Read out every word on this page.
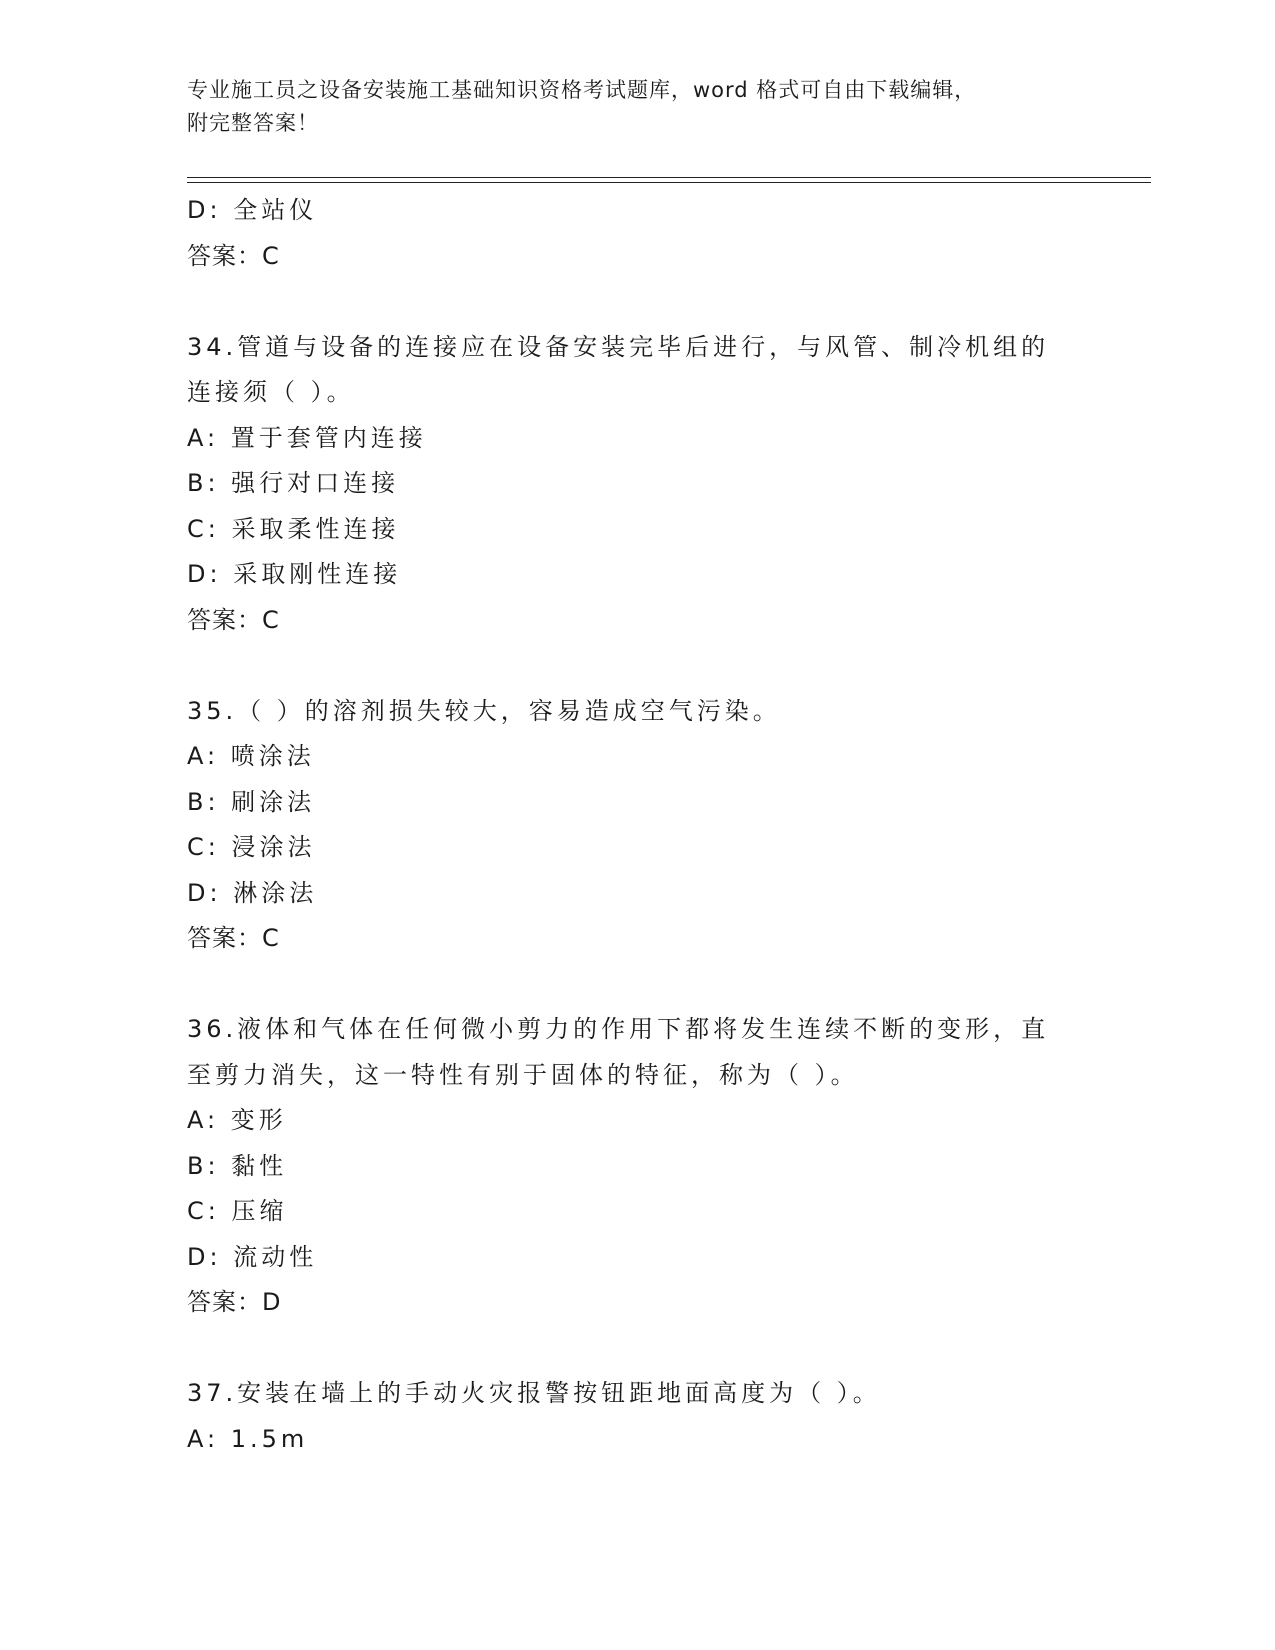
专业施工员之设备安装施工基础知识资格考试题库，word 格式可自由下载编辑，
附完整答案！
D: 全站仪
答案：C
34.管道与设备的连接应在设备安装完毕后进行，与风管、制冷机组的
连接须（ ）。
A: 置于套管内连接
B: 强行对口连接
C: 采取柔性连接
D: 采取刚性连接
答案：C
35.（ ）的溶剂损失较大，容易造成空气污染。
A: 喷涂法
B: 刷涂法
C: 浸涂法
D: 淋涂法
答案：C
36.液体和气体在任何微小剪力的作用下都将发生连续不断的变形，直
至剪力消失，这一特性有别于固体的特征，称为（ ）。
A: 变形
B: 黏性
C: 压缩
D: 流动性
答案：D
37.安装在墙上的手动火灾报警按钮距地面高度为（ ）。
A: 1.5m
